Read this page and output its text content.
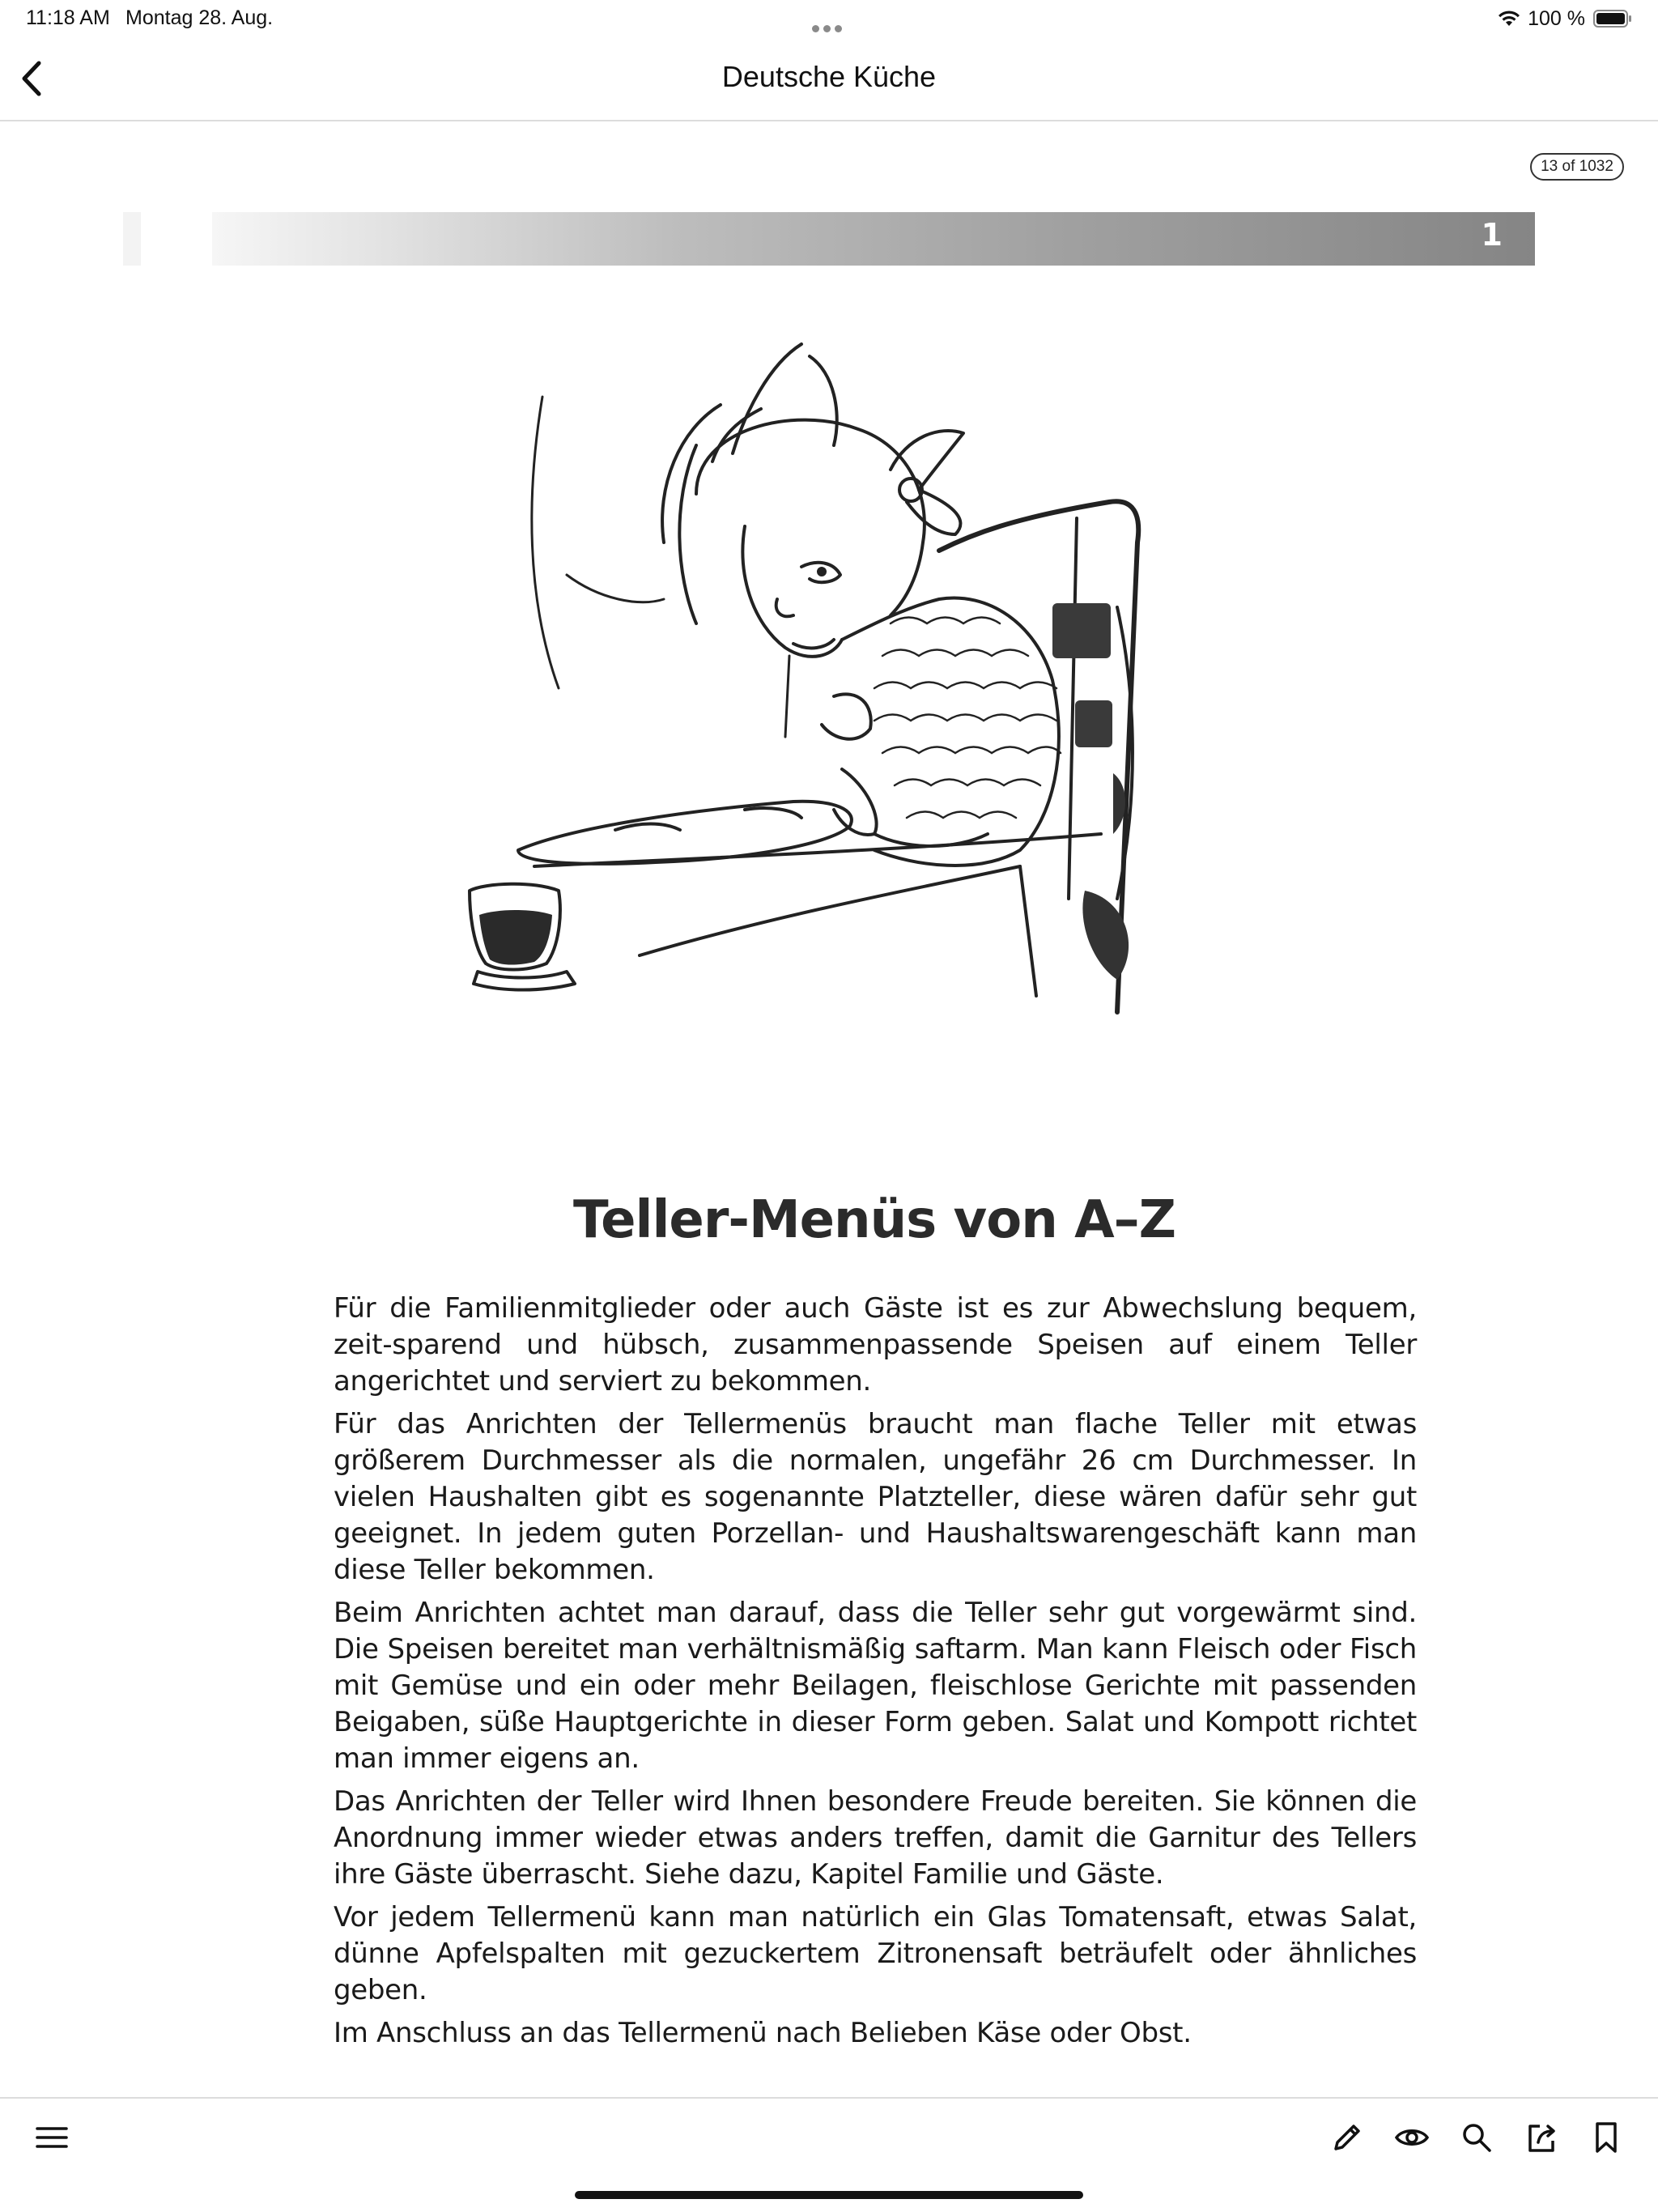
11:18 AM Montag 28. Aug.	100 %
Deutsche Küche
13 of 1032
1
Teller-Menüs von A–Z

Für die Familienmitglieder oder auch Gäste ist es zur Abwechslung bequem, zeit-sparend und hübsch, zusammenpassende Speisen auf einem Teller angerichtet und serviert zu bekommen.

Für das Anrichten der Tellermenüs braucht man flache Teller mit etwas größerem Durchmesser als die normalen, ungefähr 26 cm Durchmesser. In vielen Haushalten gibt es sogenannte Platzteller, diese wären dafür sehr gut geeignet. In jedem guten Porzellan- und Haushaltswarengeschäft kann man diese Teller bekommen.

Beim Anrichten achtet man darauf, dass die Teller sehr gut vorgewärmt sind. Die Speisen bereitet man verhältnismäßig saftarm. Man kann Fleisch oder Fisch mit Gemüse und ein oder mehr Beilagen, fleischlose Gerichte mit passenden Beigaben, süße Hauptgerichte in dieser Form geben. Salat und Kompott richtet man immer eigens an.

Das Anrichten der Teller wird Ihnen besondere Freude bereiten. Sie können die Anordnung immer wieder etwas anders treffen, damit die Garnitur des Tellers ihre Gäste überrascht. Siehe dazu, Kapitel Familie und Gäste.

Vor jedem Tellermenü kann man natürlich ein Glas Tomatensaft, etwas Salat, dünne Apfelspalten mit gezuckertem Zitronensaft beträufelt oder ähnliches geben.

Im Anschluss an das Tellermenü nach Belieben Käse oder Obst.
